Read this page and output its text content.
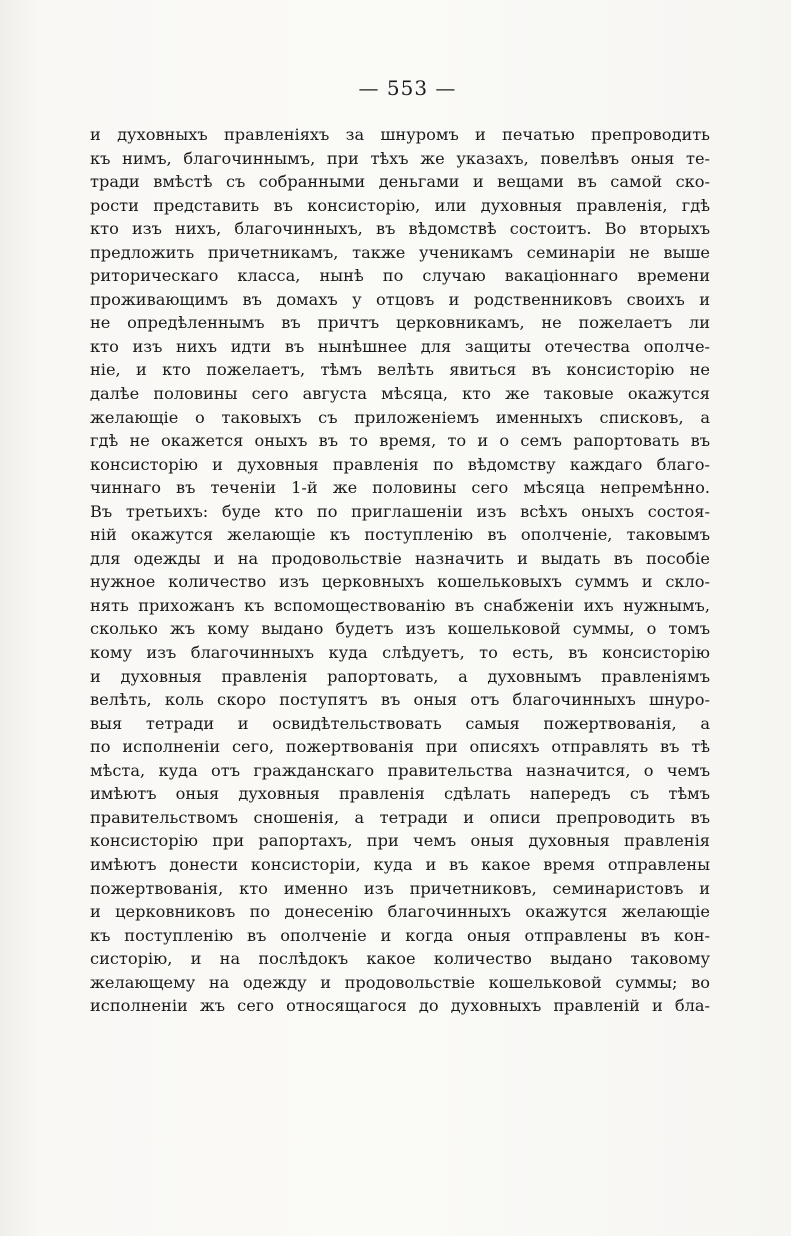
— 553 —
и духовныхъ правленіяхъ за шнуромъ и печатью препроводить
къ нимъ, благочиннымъ, при тѣхъ же указахъ, повелѣвъ оныя те-
тради вмѣстѣ съ собранными деньгами и вещами въ самой ско-
рости представить въ консисторію, или духовныя правленія, гдѣ
кто изъ нихъ, благочинныхъ, въ вѣдомствѣ состоитъ. Во вторыхъ
предложить причетникамъ, также ученикамъ семинаріи не выше
риторическаго класса, нынѣ по случаю вакаціоннаго времени
проживающимъ въ домахъ у отцовъ и родственниковъ своихъ и
не опредѣленнымъ въ причтъ церковникамъ, не пожелаетъ ли
кто изъ нихъ идти въ нынѣшнее для защиты отечества ополче-
ніе, и кто пожелаетъ, тѣмъ велѣть явиться въ консисторію не
далѣе половины сего августа мѣсяца, кто же таковые окажутся
желающіе о таковыхъ съ приложеніемъ именныхъ списковъ, а
гдѣ не окажется оныхъ въ то время, то и о семъ рапортовать въ
консисторію и духовныя правленія по вѣдомству каждаго благо-
чиннаго въ теченіи 1-й же половины сего мѣсяца непремѣнно.
Въ третьихъ: буде кто по приглашеніи изъ всѣхъ оныхъ состоя-
ній окажутся желающіе къ поступленію въ ополченіе, таковымъ
для одежды и на продовольствіе назначить и выдать въ пособіе
нужное количество изъ церковныхъ кошельковыхъ суммъ и скло-
нять прихожанъ къ вспомоществованію въ снабженіи ихъ нужнымъ,
сколько жъ кому выдано будетъ изъ кошельковой суммы, о томъ
кому изъ благочинныхъ куда слѣдуетъ, то есть, въ консисторію
и духовныя правленія рапортовать, а духовнымъ правленіямъ
велѣть, коль скоро поступятъ въ оныя отъ благочинныхъ шнуро-
выя тетради и освидѣтельствовать самыя пожертвованія, а
по исполненіи сего, пожертвованія при описяхъ отправлять въ тѣ
мѣста, куда отъ гражданскаго правительства назначится, о чемъ
имѣютъ оныя духовныя правленія сдѣлать напередъ съ тѣмъ
правительствомъ сношенія, а тетради и описи препроводить въ
консисторію при рапортахъ, при чемъ оныя духовныя правленія
имѣютъ донести консисторіи, куда и въ какое время отправлены
пожертвованія, кто именно изъ причетниковъ, семинаристовъ и
и церковниковъ по донесенію благочинныхъ окажутся желающіе
къ поступленію въ ополченіе и когда оныя отправлены въ кон-
систорію, и на послѣдокъ какое количество выдано таковому
желающему на одежду и продовольствіе кошельковой суммы; во
исполненіи жъ сего относящагося до духовныхъ правленій и бла-
